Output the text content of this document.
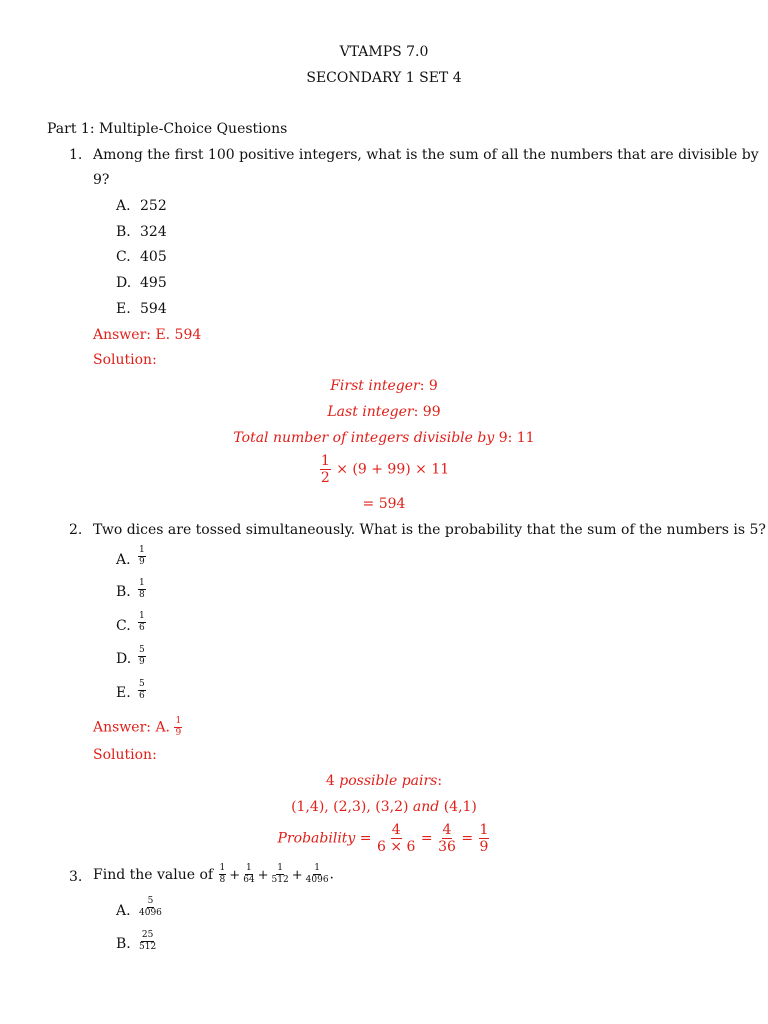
VTAMPS 7.0
SECONDARY 1 SET 4
Part 1: Multiple-Choice Questions
1. Among the first 100 positive integers, what is the sum of all the numbers that are divisible by
9?
A. 252
B. 324
C. 405
D. 495
E. 594
Answer: E. 594
Solution:
First integer: 9
Last integer: 99
Total number of integers divisible by 9: 11
$\frac{1}{2} \times (9 + 99) \times 11$
= 594
2. Two dices are tossed simultaneously. What is the probability that the sum of the numbers is 5?
A. $\frac{1}{9}$
B. $\frac{1}{8}$
C. $\frac{1}{6}$
D. $\frac{5}{9}$
E. $\frac{5}{6}$
Answer: A. $\frac{1}{9}$
Solution:
4 possible pairs:
(1,4), (2,3), (3,2) and (4,1)
Probability = $\frac{4}{6 \times 6} = \frac{4}{36} = \frac{1}{9}$
3. Find the value of $\frac{1}{8} + \frac{1}{64} + \frac{1}{512} + \frac{1}{4096}$ .
A. $\frac{5}{4096}$
B. $\frac{25}{512}$
